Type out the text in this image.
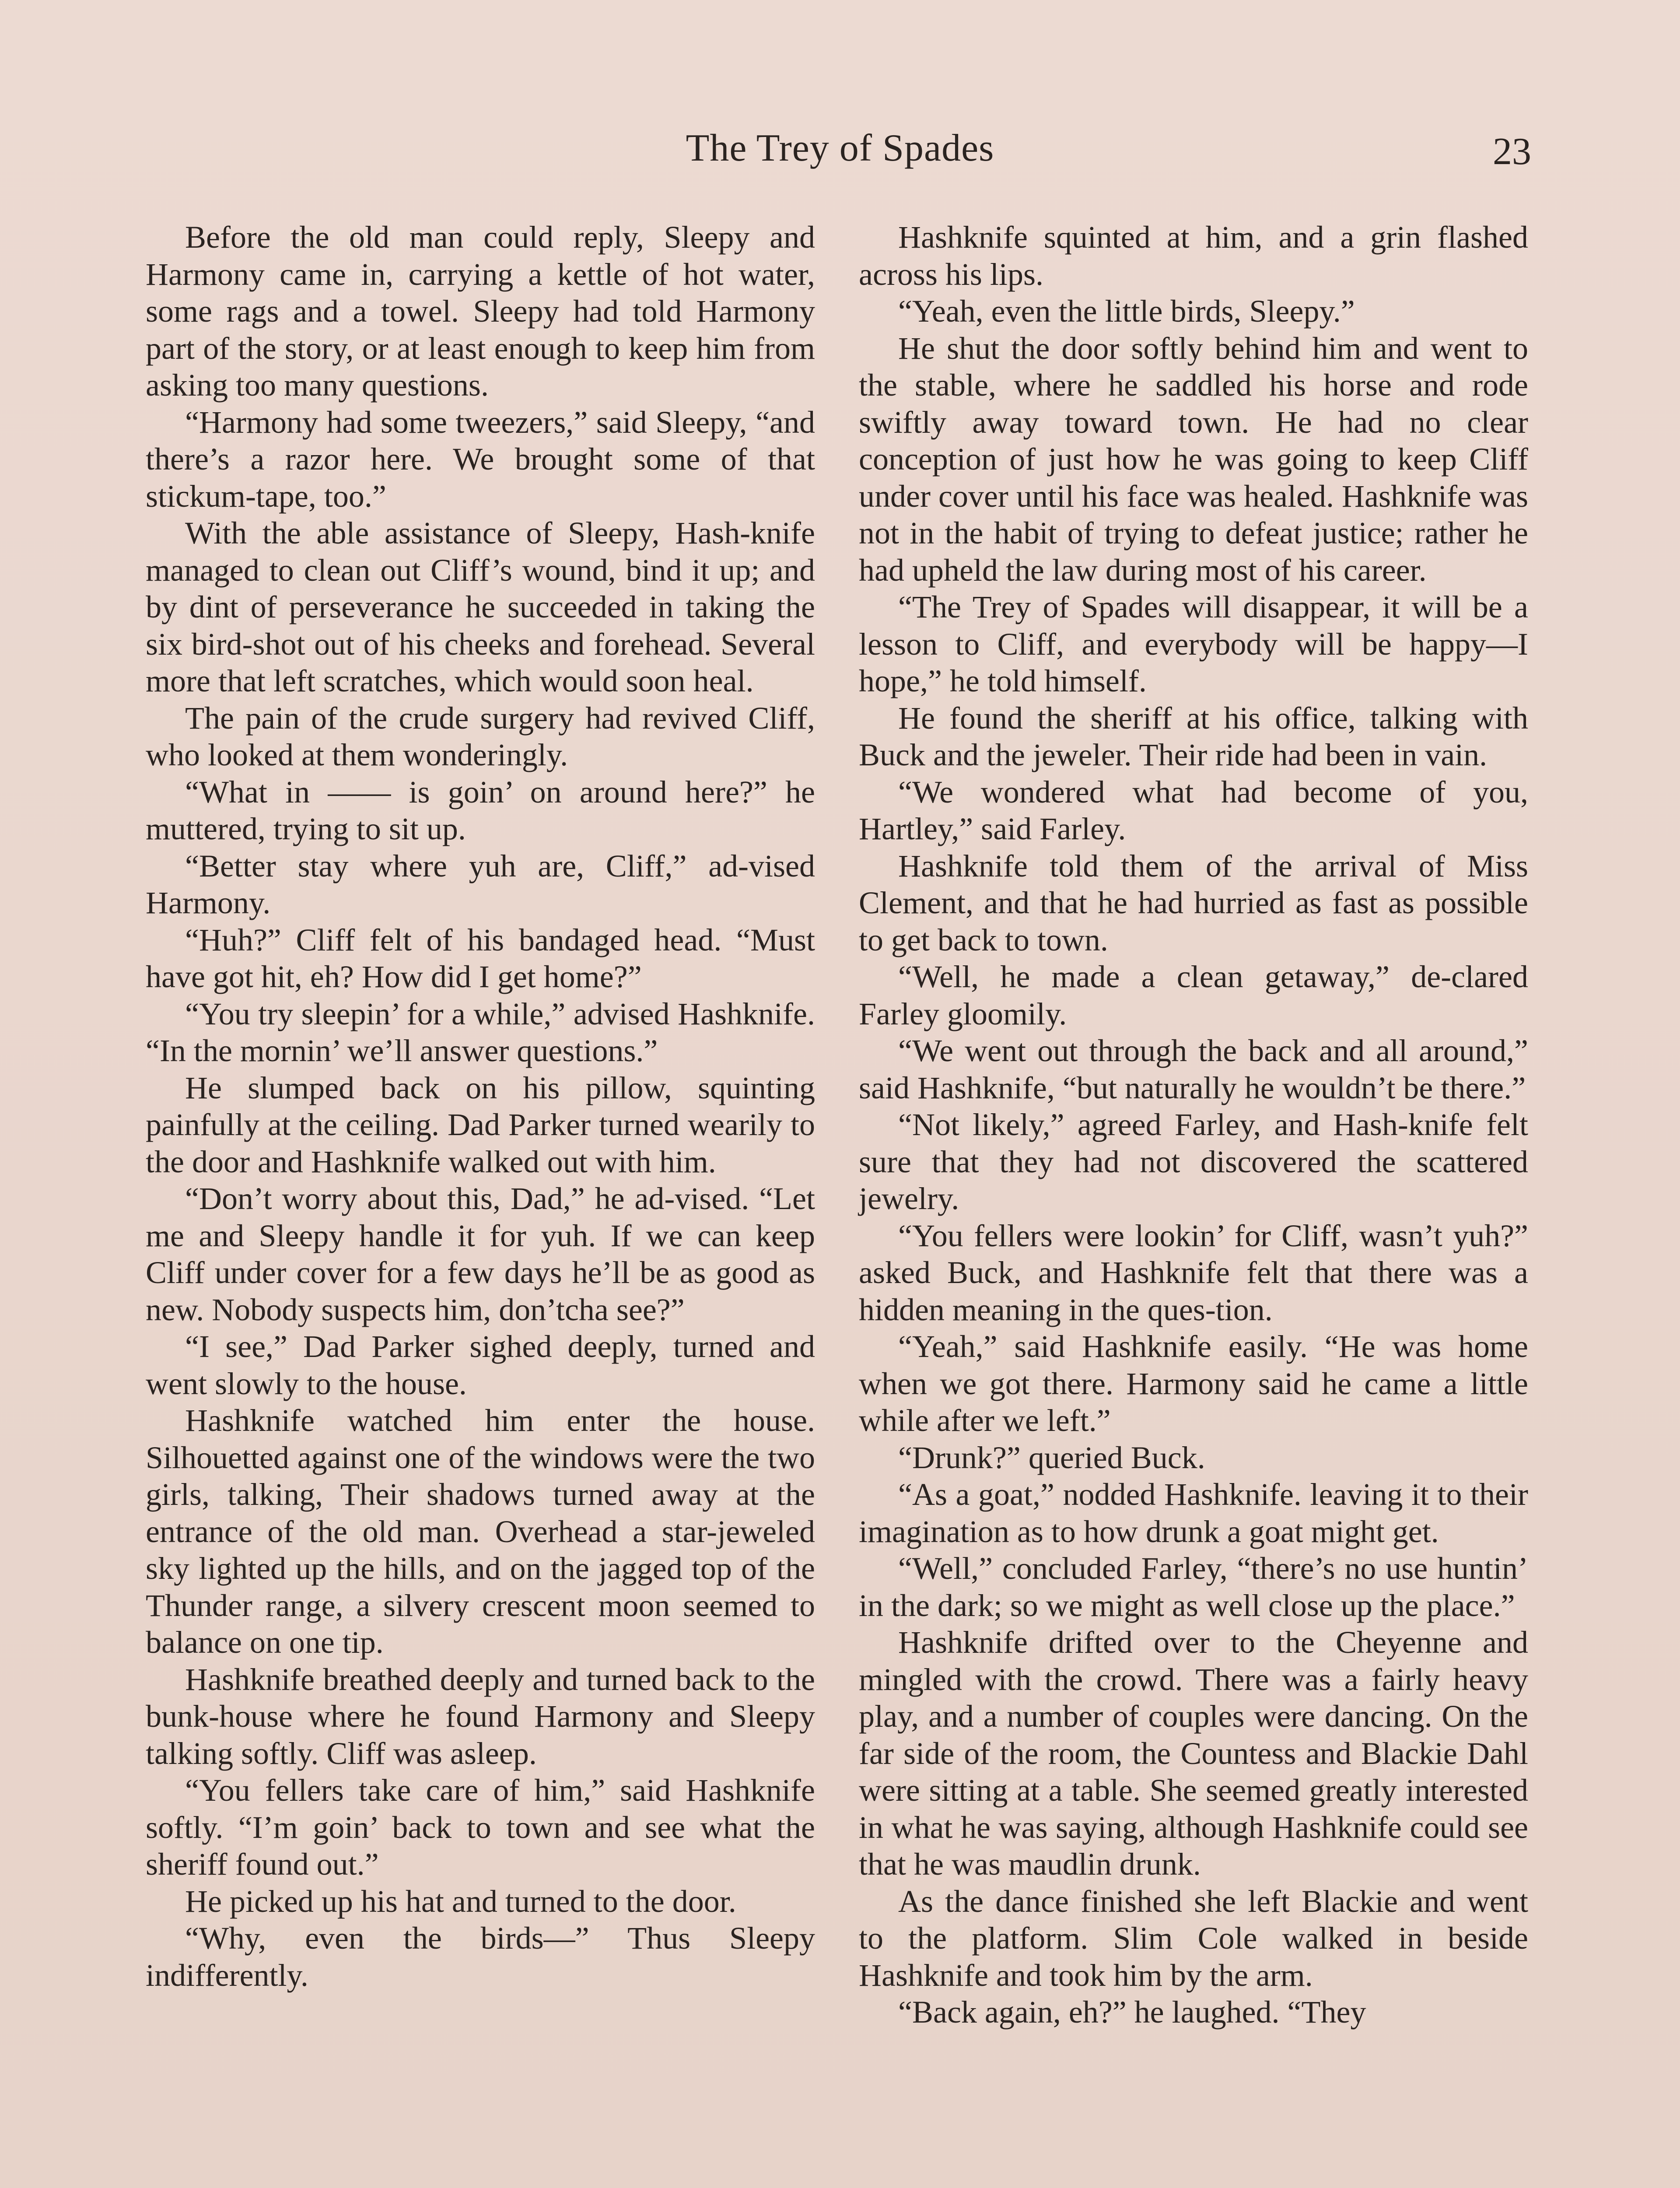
The Trey of Spades	23

Before the old man could reply, Sleepy and Harmony came in, carrying a kettle of hot water, some rags and a towel. Sleepy had told Harmony part of the story, or at least enough to keep him from asking too many questions.

“Harmony had some tweezers,” said Sleepy, “and there’s a razor here. We brought some of that stickum-tape, too.”

With the able assistance of Sleepy, Hash-knife managed to clean out Cliff’s wound, bind it up; and by dint of perseverance he succeeded in taking the six bird-shot out of his cheeks and forehead. Several more that left scratches, which would soon heal.

The pain of the crude surgery had revived Cliff, who looked at them wonderingly.

“What in —— is goin’ on around here?” he muttered, trying to sit up.

“Better stay where yuh are, Cliff,” ad-vised Harmony.

“Huh?” Cliff felt of his bandaged head. “Must have got hit, eh? How did I get home?”

“You try sleepin’ for a while,” advised Hashknife. “In the mornin’ we’ll answer questions.”

He slumped back on his pillow, squinting painfully at the ceiling. Dad Parker turned wearily to the door and Hashknife walked out with him.

“Don’t worry about this, Dad,” he ad-vised. “Let me and Sleepy handle it for yuh. If we can keep Cliff under cover for a few days he’ll be as good as new. Nobody suspects him, don’tcha see?”

“I see,” Dad Parker sighed deeply, turned and went slowly to the house.

Hashknife watched him enter the house. Silhouetted against one of the windows were the two girls, talking, Their shadows turned away at the entrance of the old man. Overhead a star-jeweled sky lighted up the hills, and on the jagged top of the Thunder range, a silvery crescent moon seemed to balance on one tip.

Hashknife breathed deeply and turned back to the bunk-house where he found Harmony and Sleepy talking softly. Cliff was asleep.

“You fellers take care of him,” said Hashknife softly. “I’m goin’ back to town and see what the sheriff found out.”

He picked up his hat and turned to the door.

“Why, even the birds—” Thus Sleepy indifferently.

Hashknife squinted at him, and a grin flashed across his lips.

“Yeah, even the little birds, Sleepy.”

He shut the door softly behind him and went to the stable, where he saddled his horse and rode swiftly away toward town. He had no clear conception of just how he was going to keep Cliff under cover until his face was healed. Hashknife was not in the habit of trying to defeat justice; rather he had upheld the law during most of his career.

“The Trey of Spades will disappear, it will be a lesson to Cliff, and everybody will be happy—I hope,” he told himself.

He found the sheriff at his office, talking with Buck and the jeweler. Their ride had been in vain.

“We wondered what had become of you, Hartley,” said Farley.

Hashknife told them of the arrival of Miss Clement, and that he had hurried as fast as possible to get back to town.

“Well, he made a clean getaway,” de-clared Farley gloomily.

“We went out through the back and all around,” said Hashknife, “but naturally he wouldn’t be there.”

“Not likely,” agreed Farley, and Hash-knife felt sure that they had not discovered the scattered jewelry.

“You fellers were lookin’ for Cliff, wasn’t yuh?” asked Buck, and Hashknife felt that there was a hidden meaning in the ques-tion.

“Yeah,” said Hashknife easily. “He was home when we got there. Harmony said he came a little while after we left.”

“Drunk?” queried Buck.

“As a goat,” nodded Hashknife. leaving it to their imagination as to how drunk a goat might get.

“Well,” concluded Farley, “there’s no use huntin’ in the dark; so we might as well close up the place.”

Hashknife drifted over to the Cheyenne and mingled with the crowd. There was a fairly heavy play, and a number of couples were dancing. On the far side of the room, the Countess and Blackie Dahl were sitting at a table. She seemed greatly interested in what he was saying, although Hashknife could see that he was maudlin drunk.

As the dance finished she left Blackie and went to the platform. Slim Cole walked in beside Hashknife and took him by the arm.

“Back again, eh?” he laughed. “They
